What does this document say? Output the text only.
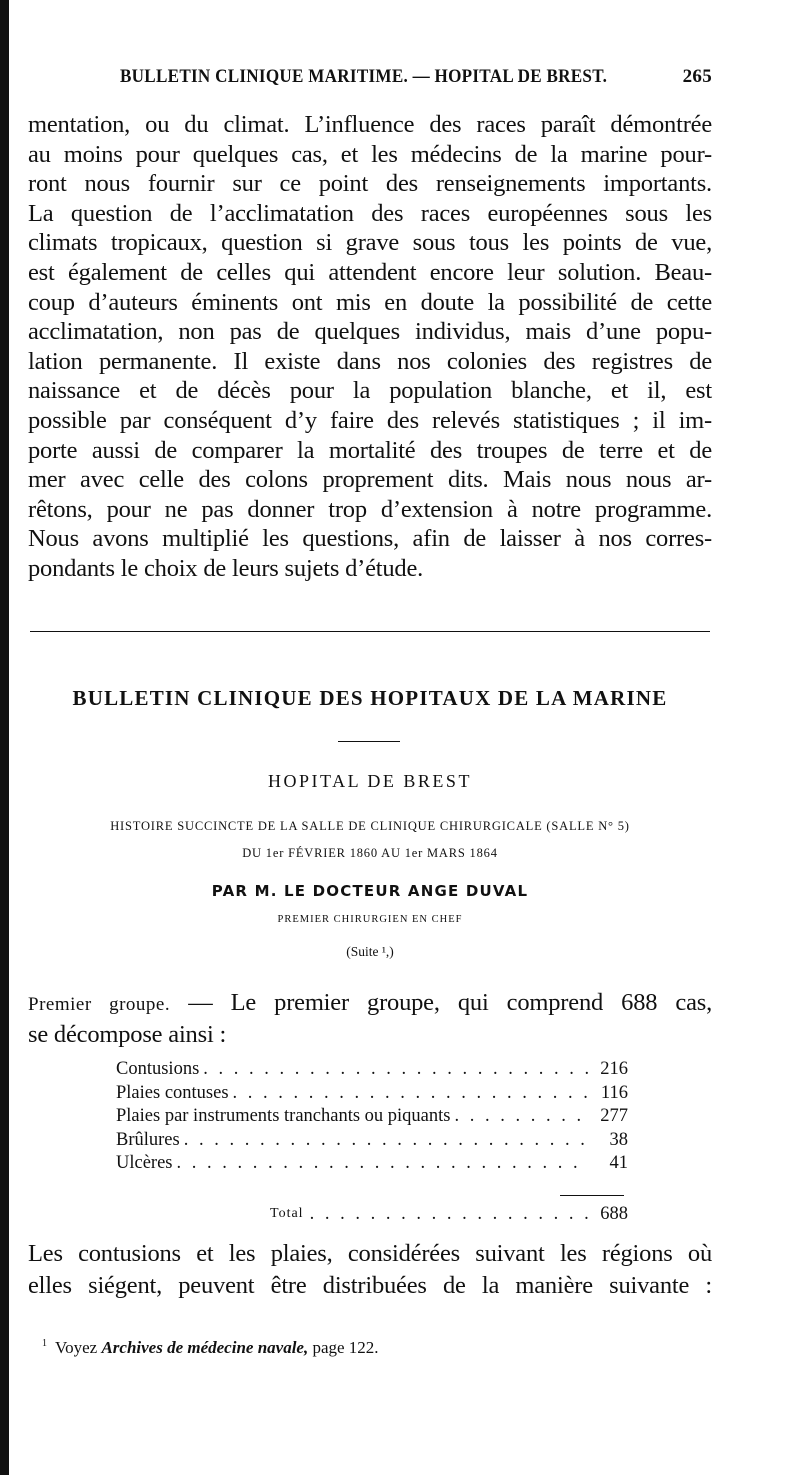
BULLETIN CLINIQUE MARITIME. — HOPITAL DE BREST.	265
mentation, ou du climat. L’influence des races paraît démontrée
au moins pour quelques cas, et les médecins de la marine pour-
ront nous fournir sur ce point des renseignements importants.
La question de l’acclimatation des races européennes sous les
climats tropicaux, question si grave sous tous les points de vue,
est également de celles qui attendent encore leur solution. Beau-
coup d’auteurs éminents ont mis en doute la possibilité de cette
acclimatation, non pas de quelques individus, mais d’une popu-
lation permanente. Il existe dans nos colonies des registres de
naissance et de décès pour la population blanche, et il, est
possible par conséquent d’y faire des relevés statistiques ; il im-
porte aussi de comparer la mortalité des troupes de terre et de
mer avec celle des colons proprement dits. Mais nous nous ar-
rêtons, pour ne pas donner trop d’extension à notre programme.
Nous avons multiplié les questions, afin de laisser à nos corres-
pondants le choix de leurs sujets d’étude.
BULLETIN CLINIQUE DES HOPITAUX DE LA MARINE
HOPITAL DE BREST
HISTOIRE SUCCINCTE DE LA SALLE DE CLINIQUE CHIRURGICALE (SALLE N° 5)
DU 1er FÉVRIER 1860 AU 1er MARS 1864
PAR M. LE DOCTEUR ANGE DUVAL
PREMIER CHIRURGIEN EN CHEF
(Suite ¹,)
Premier groupe. — Le premier groupe, qui comprend 688 cas,
se décompose ainsi :
Contusions . . .	216
Plaies contuses . . .	116
Plaies par instruments tranchants ou piquants . . .	277
Brûlures . . .	38
Ulcères . . .	41
Total . . .	688
Les contusions et les plaies, considérées suivant les régions où
elles siégent, peuvent être distribuées de la manière suivante :
$^1$ Voyez Archives de médecine navale, page 122.
